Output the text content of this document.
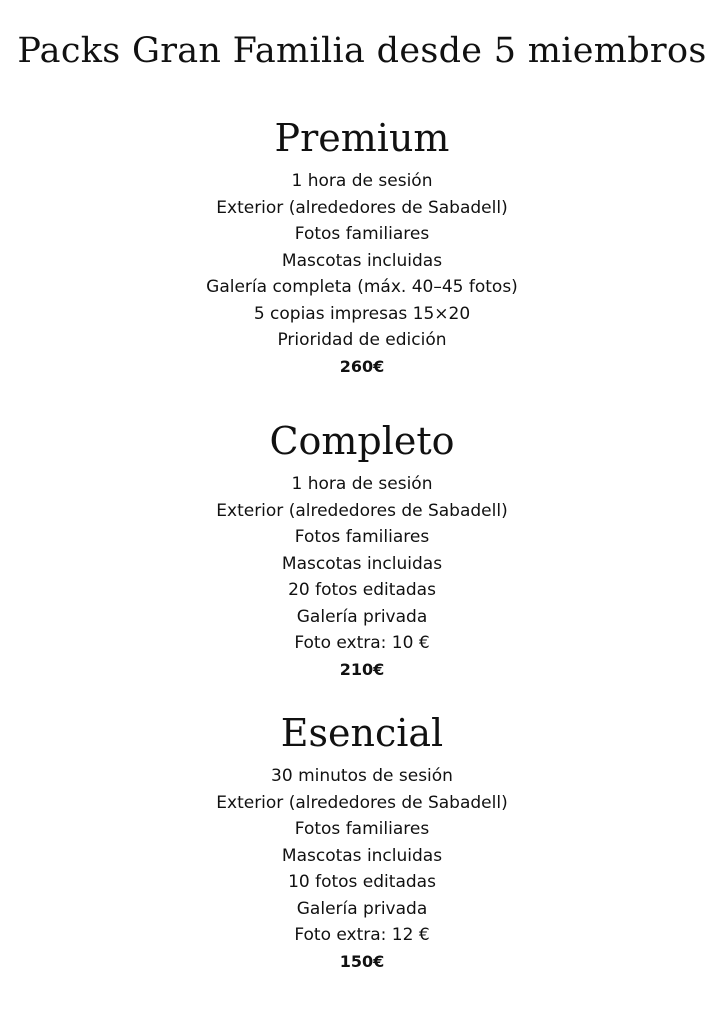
Packs Gran Familia desde 5 miembros
Premium
1 hora de sesión
Exterior (alrededores de Sabadell)
Fotos familiares
Mascotas incluidas
Galería completa (máx. 40–45 fotos)
5 copias impresas 15×20
Prioridad de edición
260€
Completo
1 hora de sesión
Exterior (alrededores de Sabadell)
Fotos familiares
Mascotas incluidas
20 fotos editadas
Galería privada
Foto extra: 10 €
210€
Esencial
30 minutos de sesión
Exterior (alrededores de Sabadell)
Fotos familiares
Mascotas incluidas
10 fotos editadas
Galería privada
Foto extra: 12 €
150€
